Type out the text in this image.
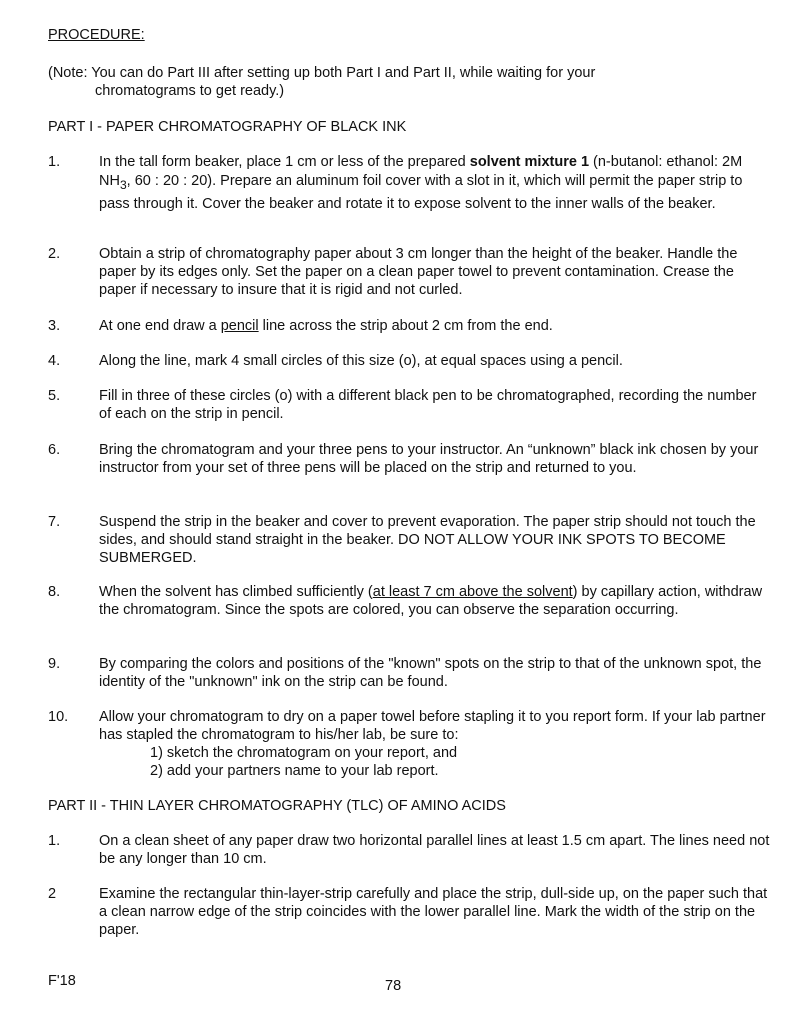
PROCEDURE:
(Note: You can do Part III after setting up both Part I and Part II, while waiting for your
chromatograms to get ready.)
PART I - PAPER CHROMATOGRAPHY OF BLACK INK
1.	In the tall form beaker, place 1 cm or less of the prepared solvent mixture 1 (n-butanol: ethanol: 2M $NH_3$, 60 : 20 : 20). Prepare an aluminum foil cover with a slot in it, which will permit the paper strip to pass through it. Cover the beaker and rotate it to expose solvent to the inner walls of the beaker.
2.	Obtain a strip of chromatography paper about 3 cm longer than the height of the beaker. Handle the paper by its edges only. Set the paper on a clean paper towel to prevent contamination. Crease the paper if necessary to insure that it is rigid and not curled.
3.	At one end draw a pencil line across the strip about 2 cm from the end.
4.	Along the line, mark 4 small circles of this size (o), at equal spaces using a pencil.
5.	Fill in three of these circles (o) with a different black pen to be chromatographed, recording the number of each on the strip in pencil.
6.	Bring the chromatogram and your three pens to your instructor. An “unknown” black ink chosen by your instructor from your set of three pens will be placed on the strip and returned to you.
7.	Suspend the strip in the beaker and cover to prevent evaporation. The paper strip should not touch the sides, and should stand straight in the beaker. DO NOT ALLOW YOUR INK SPOTS TO BECOME SUBMERGED.
8.	When the solvent has climbed sufficiently (at least 7 cm above the solvent) by capillary action, withdraw the chromatogram. Since the spots are colored, you can observe the separation occurring.
9.	By comparing the colors and positions of the "known" spots on the strip to that of the unknown spot, the identity of the "unknown" ink on the strip can be found.
10. Allow your chromatogram to dry on a paper towel before stapling it to you report form. If your lab partner has stapled the chromatogram to his/her lab, be sure to:
1) sketch the chromatogram on your report, and
2) add your partners name to your lab report.
PART II - THIN LAYER CHROMATOGRAPHY (TLC) OF AMINO ACIDS
1.	On a clean sheet of any paper draw two horizontal parallel lines at least 1.5 cm apart. The lines need not be any longer than 10 cm.
2	Examine the rectangular thin-layer-strip carefully and place the strip, dull-side up, on the paper such that a clean narrow edge of the strip coincides with the lower parallel line. Mark the width of the strip on the paper.
F'18	78
